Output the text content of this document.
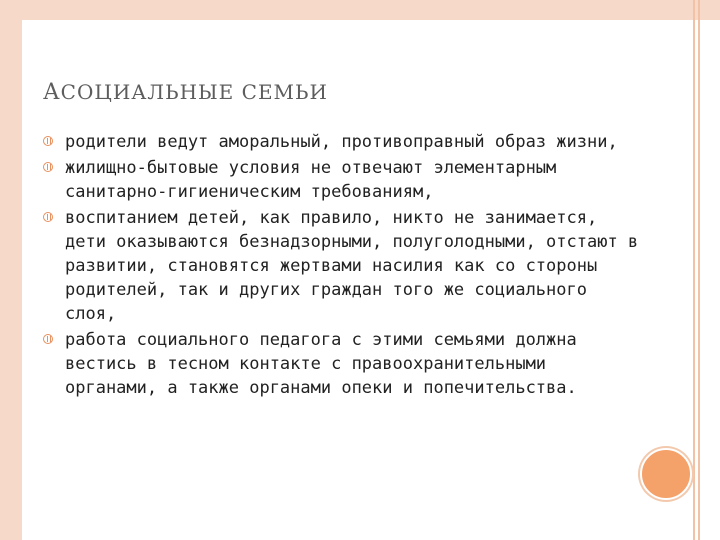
АСОЦИАЛЬНЫЕ СЕМЬИ
родители ведут аморальный, противоправный образ жизни,
жилищно-бытовые условия не отвечают элементарным санитарно-гигиеническим требованиям,
воспитанием детей, как правило, никто не занимается, дети оказываются безнадзорными, полуголодными, отстают в развитии, становятся жертвами насилия как со стороны родителей, так и других граждан того же социального слоя,
работа социального педагога с этими семьями должна вестись в тесном контакте с правоохранительными органами, а также органами опеки и попечительства.
